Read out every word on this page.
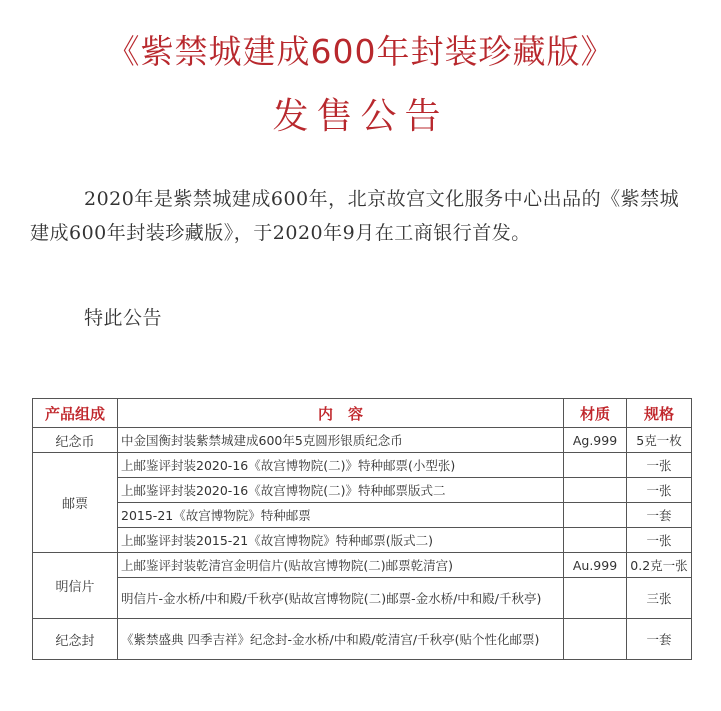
《紫禁城建成600年封装珍藏版》
发售公告
2020年是紫禁城建成600年，北京故宫文化服务中心出品的《紫禁城建成600年封装珍藏版》，于2020年9月在工商银行首发。
特此公告
产品组成	内　容	材质	规格
纪念币	中金国衡封装紫禁城建成600年5克圆形银质纪念币	Ag.999	5克一枚
邮票	上邮鉴评封装2020-16《故宫博物院(二)》特种邮票(小型张)		一张
	上邮鉴评封装2020-16《故宫博物院(二)》特种邮票版式二		一张
	2015-21《故宫博物院》特种邮票		一套
	上邮鉴评封装2015-21《故宫博物院》特种邮票(版式二)		一张
明信片	上邮鉴评封装乾清宫金明信片(贴故宫博物院(二)邮票乾清宫)	Au.999	0.2克一张
	明信片-金水桥/中和殿/千秋亭(贴故宫博物院(二)邮票-金水桥/中和殿/千秋亭)		三张
纪念封	《紫禁盛典 四季吉祥》纪念封-金水桥/中和殿/乾清宫/千秋亭(贴个性化邮票)		一套
